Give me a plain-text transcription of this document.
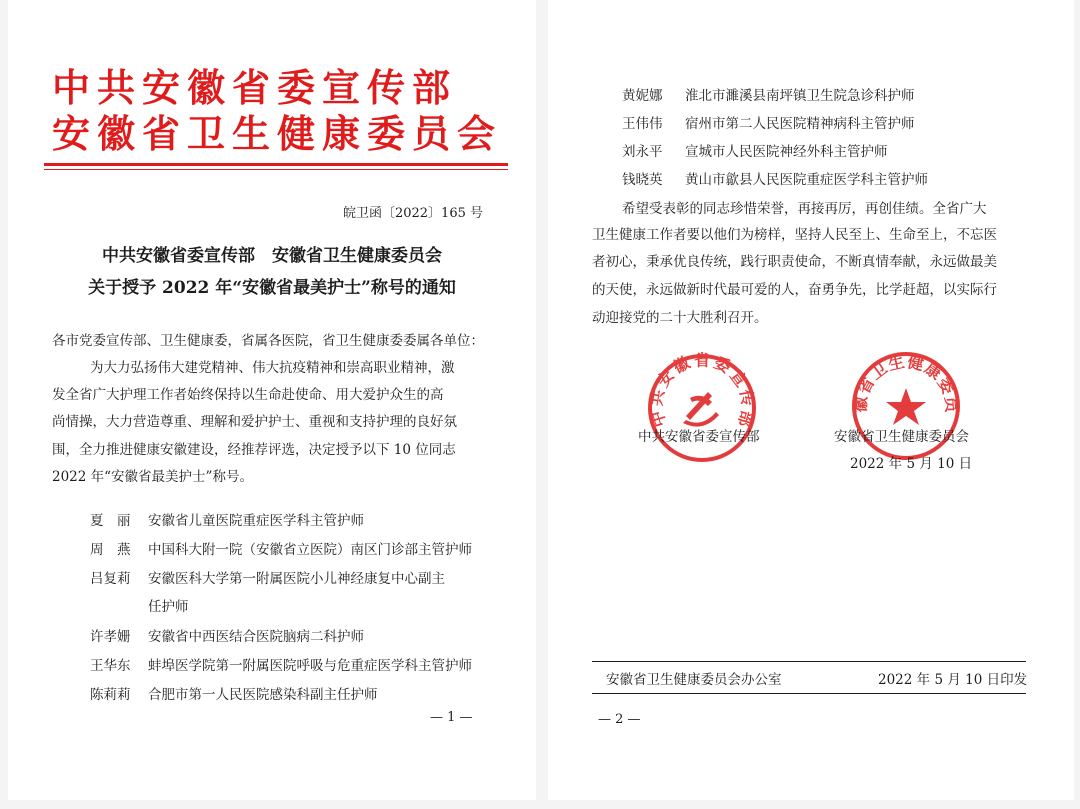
中共安徽省委宣传部
安徽省卫生健康委员会
皖卫函〔2022〕165 号
中共安徽省委宣传部　安徽省卫生健康委员会
关于授予 2022 年“安徽省最美护士”称号的通知
各市党委宣传部、卫生健康委，省属各医院，省卫生健康委委属各单位：
为大力弘扬伟大建党精神、伟大抗疫精神和崇高职业精神，激
发全省广大护理工作者始终保持以生命赴使命、用大爱护众生的高
尚情操，大力营造尊重、理解和爱护护士、重视和支持护理的良好氛
围，全力推进健康安徽建设，经推荐评选，决定授予以下 10 位同志
2022 年“安徽省最美护士”称号。
夏　丽 安徽省儿童医院重症医学科主管护师
周　燕 中国科大附一院（安徽省立医院）南区门诊部主管护师
吕复莉 安徽医科大学第一附属医院小儿神经康复中心副主
任护师
许孝姗 安徽省中西医结合医院脑病二科护师
王华东 蚌埠医学院第一附属医院呼吸与危重症医学科主管护师
陈莉莉 合肥市第一人民医院感染科副主任护师
— 1 —
黄妮娜 淮北市濉溪县南坪镇卫生院急诊科护师
王伟伟 宿州市第二人民医院精神病科主管护师
刘永平 宣城市人民医院神经外科主管护师
钱晓英 黄山市歙县人民医院重症医学科主管护师
希望受表彰的同志珍惜荣誉，再接再厉，再创佳绩。全省广大
卫生健康工作者要以他们为榜样，坚持人民至上、生命至上，不忘医
者初心，秉承优良传统，践行职责使命，不断真情奉献，永远做最美
的天使，永远做新时代最可爱的人，奋勇争先，比学赶超，以实际行
动迎接党的二十大胜利召开。
中共安徽省委宣传部
徽省卫生健康委员
中共安徽省委宣传部	安徽省卫生健康委员会
2022 年 5 月 10 日
安徽省卫生健康委员会办公室	2022 年 5 月 10 日印发
— 2 —
